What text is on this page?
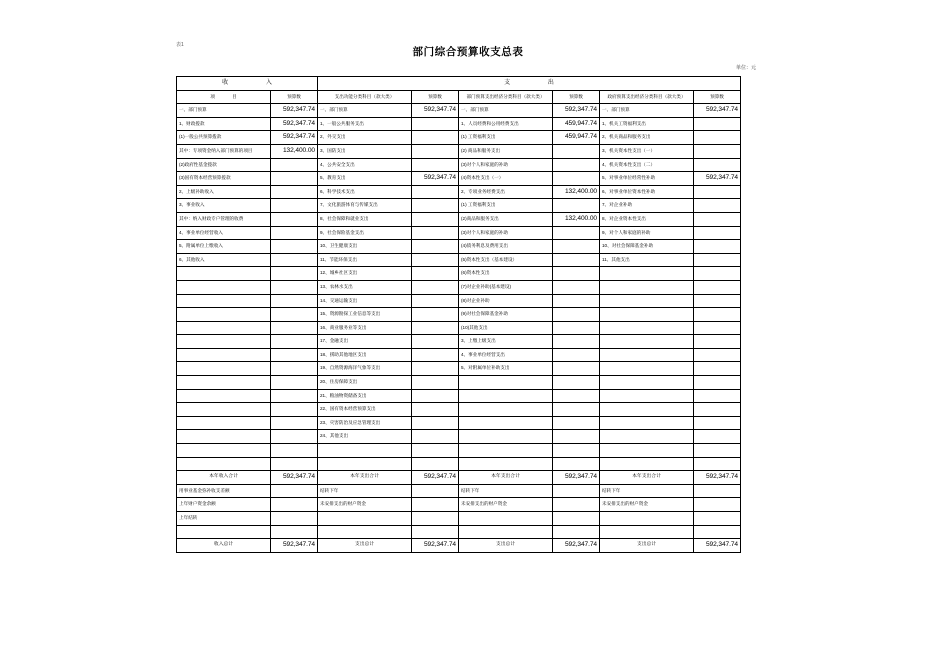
表1
部门综合预算收支总表
单位：元
收 入		支 出					
项 目	预算数	支出功能分类科目（款大类）	预算数	部门预算支出经济分类科目（款大类）	预算数	政府预算支出经济分类科目（款大类）	预算数
一、部门预算	592,347.74	一、部门预算	592,347.74	一、部门预算	592,347.74	一、部门预算	592,347.74
1、财政拨款	592,347.74	1、一般公共服务支出		1、人员经费和公用经费支出	459,947.74	1、机关工资福利支出	
(1)一般公共预算拨款	592,347.74	2、外交支出		(1) 工资福利支出	459,947.74	2、机关商品和服务支出	
其中：专项资金纳入部门预算的项目	132,400.00	3、国防支出		(2) 商品和服务支出		3、机关资本性支出（一）	
(2)政府性基金拨款		4、公共安全支出		(3)对个人和家庭的补助		4、机关资本性支出（二）	
(3)国有资本经营预算拨款		5、教育支出	592,347.74	(4)资本性支出（一）		5、对事业单位经常性补助	592,347.74
2、上级补助收入		6、科学技术支出		2、专项业务经费支出	132,400.00	6、对事业单位资本性补助	
3、事业收入		7、文化旅游体育与传媒支出		(1) 工资福利支出		7、对企业补助	
其中：纳入财政专户管理的收费		8、社会保障和就业支出		(2)商品和服务支出	132,400.00	8、对企业资本性支出	
4、事业单位经营收入		9、社会保险基金支出		(3)对个人和家庭的补助		9、对个人和家庭的补助	
5、附属单位上缴收入		10、卫生健康支出		(4)债务利息及费用支出		10、对社会保障基金补助	
6、其他收入		11、节能环保支出		(5)资本性支出（基本建设）		11、其他支出	
		12、城乡社区支出		(6)资本性支出			
		13、农林水支出		(7)对企业补助(基本建设)			
		14、交通运输支出		(8)对企业补助			
		15、资源勘探工业信息等支出		(9)对社会保障基金补助			
		16、商业服务业等支出		(10)其他支出			
		17、金融支出		3、上缴上级支出			
		18、援助其他地区支出		4、事业单位经营支出			
		19、自然资源海洋气象等支出		5、对附属单位补助支出			
		20、住房保障支出					
		21、粮油物资储备支出					
		22、国有资本经营预算支出					
		23、灾害防治及应急管理支出					
		24、其他支出					

本年收入合计	592,347.74	本年支出合计	592,347.74	本年支出合计	592,347.74	本年支出合计	592,347.74
用事业基金弥补收支差额		结转下年		结转下年		结转下年	
上年财户资金余额		未安排支出的财户资金		未安排支出的财户资金		未安排支出的财户资金	
上年结转							

收入总计	592,347.74	支出总计	592,347.74	支出总计	592,347.74	支出总计	592,347.74
